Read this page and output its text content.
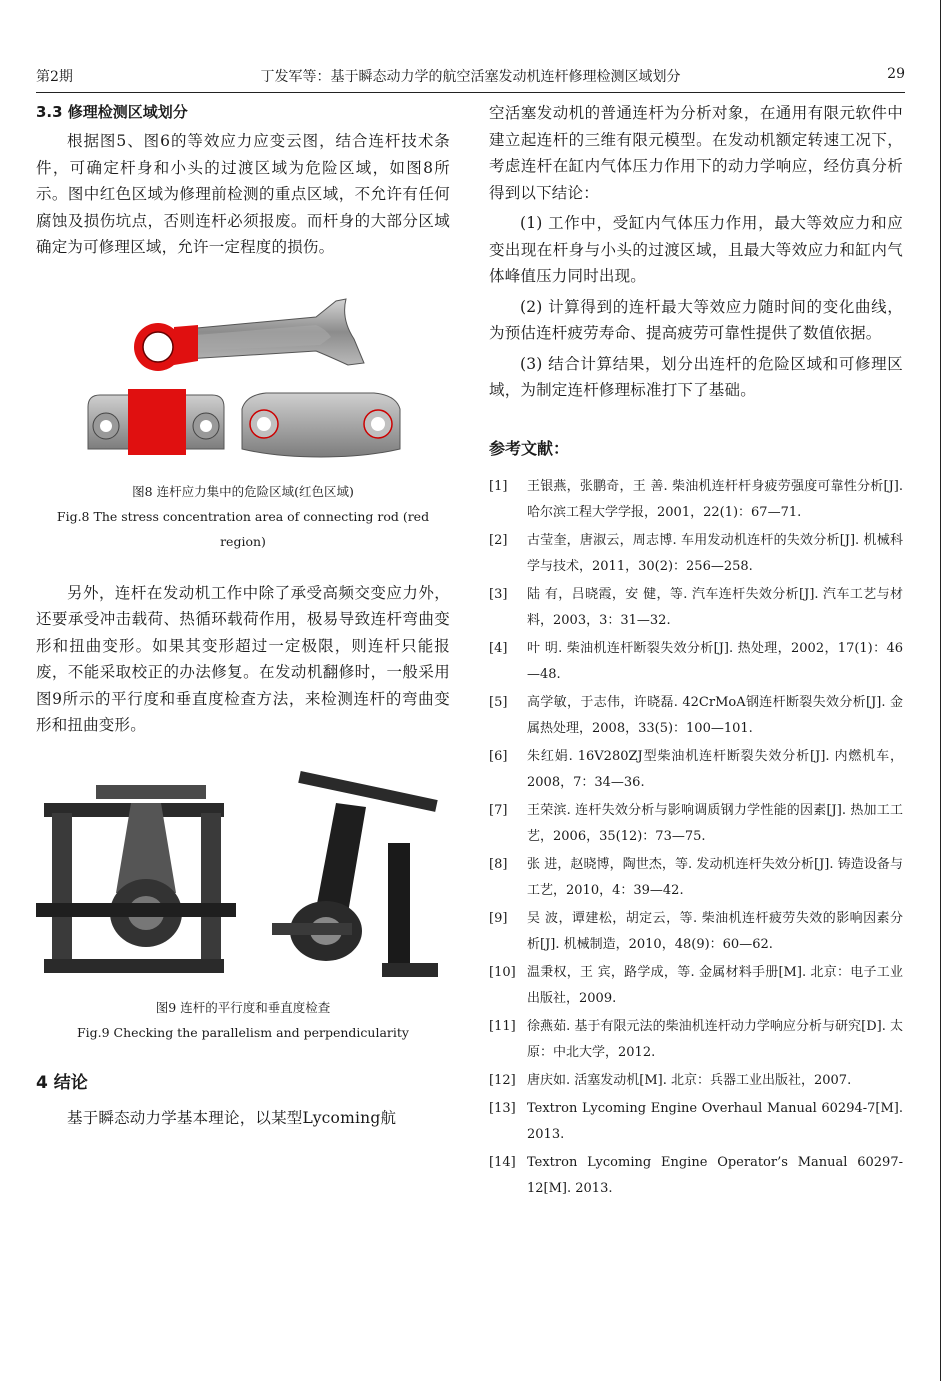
第2期	丁发军等：基于瞬态动力学的航空活塞发动机连杆修理检测区域划分	29
3.3 修理检测区域划分

根据图5、图6的等效应力应变云图，结合连杆技术条件，可确定杆身和小头的过渡区域为危险区域，如图8所示。图中红色区域为修理前检测的重点区域，不允许有任何腐蚀及损伤坑点，否则连杆必须报废。而杆身的大部分区域确定为可修理区域，允许一定程度的损伤。

图8 连杆应力集中的危险区域(红色区域)
Fig.8 The stress concentration area of connecting rod (red region)

另外，连杆在发动机工作中除了承受高频交变应力外，还要承受冲击载荷、热循环载荷作用，极易导致连杆弯曲变形和扭曲变形。如果其变形超过一定极限，则连杆只能报废，不能采取校正的办法修复。在发动机翻修时，一般采用图9所示的平行度和垂直度检查方法，来检测连杆的弯曲变形和扭曲变形。

图9 连杆的平行度和垂直度检查
Fig.9 Checking the parallelism and perpendicularity
4 结论

基于瞬态动力学基本理论，以某型Lycoming航

空活塞发动机的普通连杆为分析对象，在通用有限元软件中建立起连杆的三维有限元模型。在发动机额定转速工况下，考虑连杆在缸内气体压力作用下的动力学响应，经仿真分析得到以下结论：

(1) 工作中，受缸内气体压力作用，最大等效应力和应变出现在杆身与小头的过渡区域，且最大等效应力和缸内气体峰值压力同时出现。

(2) 计算得到的连杆最大等效应力随时间的变化曲线，为预估连杆疲劳寿命、提高疲劳可靠性提供了数值依据。

(3) 结合计算结果，划分出连杆的危险区域和可修理区域，为制定连杆修理标准打下了基础。

参考文献：
[1] 王银燕，张鹏奇，王 善. 柴油机连杆杆身疲劳强度可靠性分析[J]. 哈尔滨工程大学学报，2001，22(1)：67—71.
[2] 古莹奎，唐淑云，周志博. 车用发动机连杆的失效分析[J]. 机械科学与技术，2011，30(2)：256—258.
[3] 陆 有，吕晓霞，安 健，等. 汽车连杆失效分析[J]. 汽车工艺与材料，2003，3：31—32.
[4] 叶 明. 柴油机连杆断裂失效分析[J]. 热处理，2002，17(1)：46—48.
[5] 高学敏，于志伟，许晓磊. 42CrMoA钢连杆断裂失效分析[J]. 金属热处理，2008，33(5)：100—101.
[6] 朱红娟. 16V280ZJ型柴油机连杆断裂失效分析[J]. 内燃机车，2008，7：34—36.
[7] 王荣滨. 连杆失效分析与影响调质钢力学性能的因素[J]. 热加工工艺，2006，35(12)：73—75.
[8] 张 进，赵晓博，陶世杰，等. 发动机连杆失效分析[J]. 铸造设备与工艺，2010，4：39—42.
[9] 吴 波，谭建松，胡定云，等. 柴油机连杆疲劳失效的影响因素分析[J]. 机械制造，2010，48(9)：60—62.
[10] 温秉权，王 宾，路学成，等. 金属材料手册[M]. 北京：电子工业出版社，2009.
[11] 徐燕茹. 基于有限元法的柴油机连杆动力学响应分析与研究[D]. 太原：中北大学，2012.
[12] 唐庆如. 活塞发动机[M]. 北京：兵器工业出版社，2007.
[13] Textron Lycoming Engine Overhaul Manual 60294-7[M]. 2013.
[14] Textron Lycoming Engine Operator’s Manual 60297-12[M]. 2013.
